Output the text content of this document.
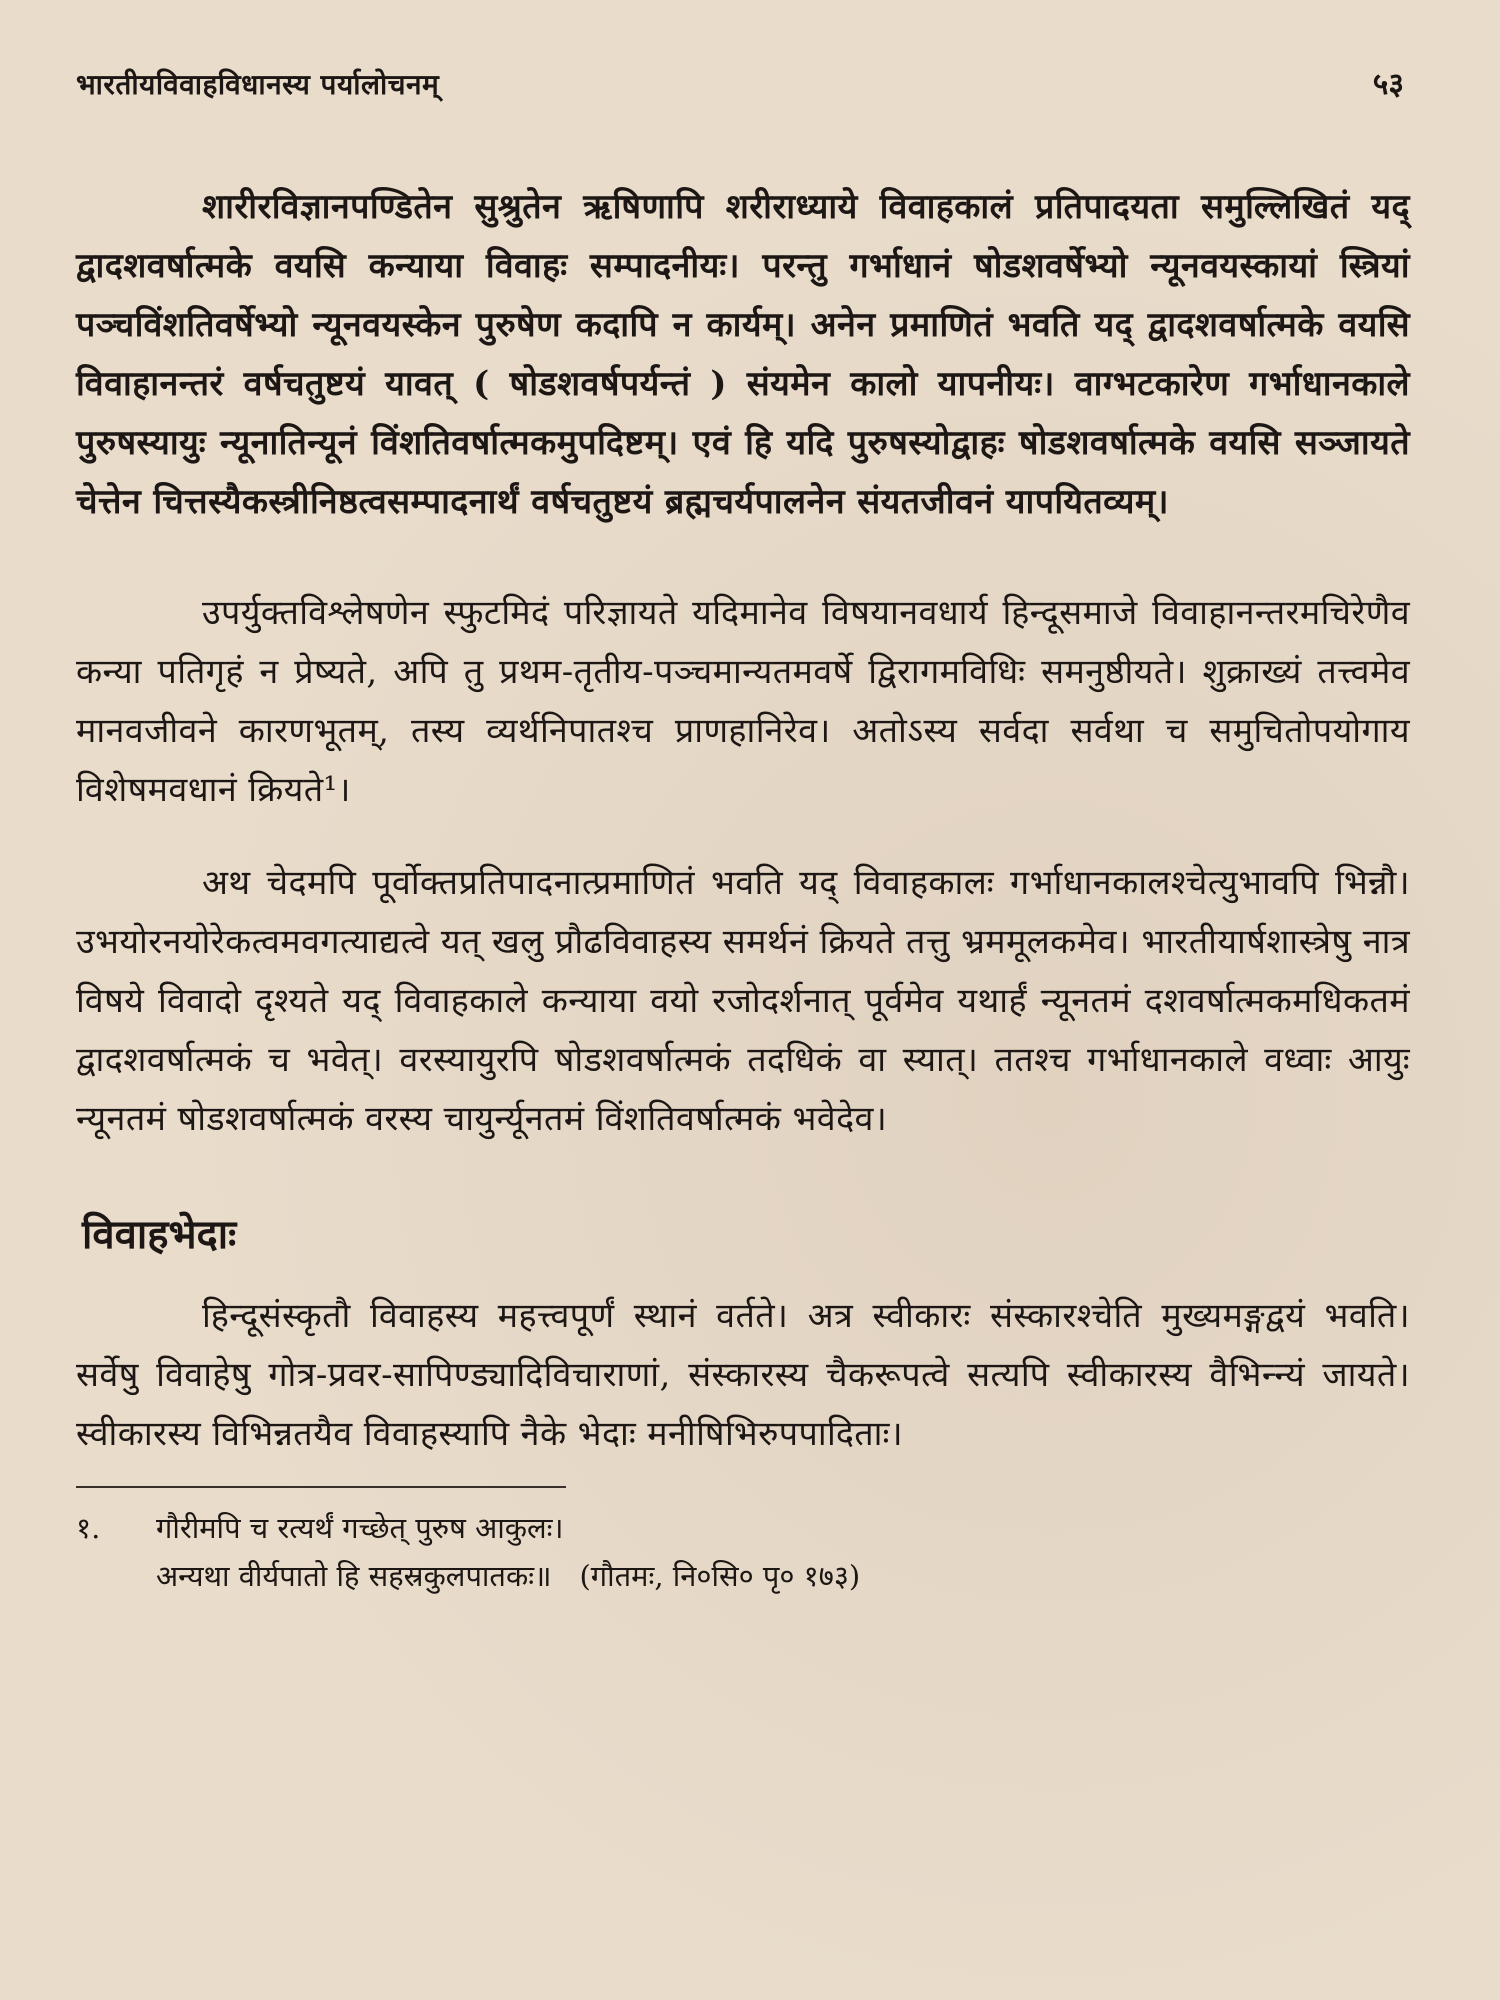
भारतीयविवाहविधानस्य पर्यालोचनम्	५३

शारीरविज्ञानपण्डितेन सुश्रुतेन ऋषिणापि शरीराध्याये विवाहकालं प्रतिपादयता समुल्लिखितं यद् द्वादशवर्षात्मके वयसि कन्याया विवाहः सम्पादनीयः। परन्तु गर्भाधानं षोडशवर्षेभ्यो न्यूनवयस्कायां स्त्रियां पञ्चविंशतिवर्षेभ्यो न्यूनवयस्केन पुरुषेण कदापि न कार्यम्। अनेन प्रमाणितं भवति यद् द्वादशवर्षात्मके वयसि विवाहानन्तरं वर्षचतुष्टयं यावत् ( षोडशवर्षपर्यन्तं ) संयमेन कालो यापनीयः। वाग्भटकारेण गर्भाधानकाले पुरुषस्यायुः न्यूनातिन्यूनं विंशतिवर्षात्मकमुपदिष्टम्। एवं हि यदि पुरुषस्योद्वाहः षोडशवर्षात्मके वयसि सञ्जायते चेत्तेन चित्तस्यैकस्त्रीनिष्ठत्वसम्पादनार्थं वर्षचतुष्टयं ब्रह्मचर्यपालनेन संयतजीवनं यापयितव्यम्।

उपर्युक्तविश्लेषणेन स्फुटमिदं परिज्ञायते यदिमानेव विषयानवधार्य हिन्दूसमाजे विवाहानन्तरमचिरेणैव कन्या पतिगृहं न प्रेष्यते, अपि तु प्रथम-तृतीय-पञ्चमान्यतमवर्षे द्विरागमविधिः समनुष्ठीयते। शुक्राख्यं तत्त्वमेव मानवजीवने कारणभूतम्, तस्य व्यर्थनिपातश्च प्राणहानिरेव। अतोऽस्य सर्वदा सर्वथा च समुचितोपयोगाय विशेषमवधानं क्रियते¹।

अथ चेदमपि पूर्वोक्तप्रतिपादनात्प्रमाणितं भवति यद् विवाहकालः गर्भाधानकालश्चेत्युभावपि भिन्नौ। उभयोरनयोरेकत्वमवगत्याद्यत्वे यत् खलु प्रौढविवाहस्य समर्थनं क्रियते तत्तु भ्रममूलकमेव। भारतीयार्षशास्त्रेषु नात्र विषये विवादो दृश्यते यद् विवाहकाले कन्याया वयो रजोदर्शनात् पूर्वमेव यथार्हं न्यूनतमं दशवर्षात्मकमधिकतमं द्वादशवर्षात्मकं च भवेत्। वरस्यायुरपि षोडशवर्षात्मकं तदधिकं वा स्यात्। ततश्च गर्भाधानकाले वध्वाः आयुः न्यूनतमं षोडशवर्षात्मकं वरस्य चायुर्न्यूनतमं विंशतिवर्षात्मकं भवेदेव।

विवाहभेदाः

हिन्दूसंस्कृतौ विवाहस्य महत्त्वपूर्णं स्थानं वर्तते। अत्र स्वीकारः संस्कारश्चेति मुख्यमङ्गद्वयं भवति। सर्वेषु विवाहेषु गोत्र-प्रवर-सापिण्ड्यादिविचाराणां, संस्कारस्य चैकरूपत्वे सत्यपि स्वीकारस्य वैभिन्न्यं जायते। स्वीकारस्य विभिन्नतयैव विवाहस्यापि नैके भेदाः मनीषिभिरुपपादिताः।

१.	गौरीमपि च रत्यर्थं गच्छेत् पुरुष आकुलः।
अन्यथा वीर्यपातो हि सहस्रकुलपातकः॥ (गौतमः, नि०सि० पृ० १७३)
